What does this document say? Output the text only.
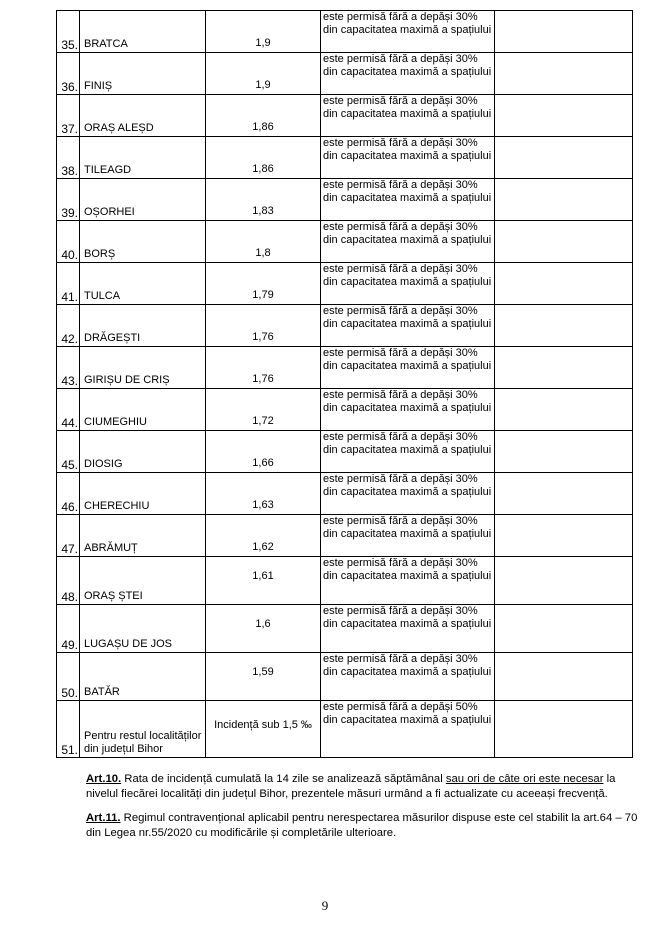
35.	BRATCA	1,9	este permisă fără a depăși 30% din capacitatea maximă a spațiului	
36.	FINIȘ	1,9	este permisă fără a depăși 30% din capacitatea maximă a spațiului	
37.	ORAȘ ALEȘD	1,86	este permisă fără a depăși 30% din capacitatea maximă a spațiului	
38.	TILEAGD	1,86	este permisă fără a depăși 30% din capacitatea maximă a spațiului	
39.	OȘORHEI	1,83	este permisă fără a depăși 30% din capacitatea maximă a spațiului	
40.	BORȘ	1,8	este permisă fără a depăși 30% din capacitatea maximă a spațiului	
41.	TULCA	1,79	este permisă fără a depăși 30% din capacitatea maximă a spațiului	
42.	DRĂGEȘTI	1,76	este permisă fără a depăși 30% din capacitatea maximă a spațiului	
43.	GIRIȘU DE CRIȘ	1,76	este permisă fără a depăși 30% din capacitatea maximă a spațiului	
44.	CIUMEGHIU	1,72	este permisă fără a depăși 30% din capacitatea maximă a spațiului	
45.	DIOSIG	1,66	este permisă fără a depăși 30% din capacitatea maximă a spațiului	
46.	CHERECHIU	1,63	este permisă fără a depăși 30% din capacitatea maximă a spațiului	
47.	ABRĂMUȚ	1,62	este permisă fără a depăși 30% din capacitatea maximă a spațiului	
48.	ORAȘ ȘTEI	1,61	este permisă fără a depăși 30% din capacitatea maximă a spațiului	
49.	LUGAȘU DE JOS	1,6	este permisă fără a depăși 30% din capacitatea maximă a spațiului	
50.	BATĂR	1,59	este permisă fără a depăși 30% din capacitatea maximă a spațiului	
51.	Pentru restul localităților din județul Bihor	Incidență sub 1,5 ‰	este permisă fără a depăși 50% din capacitatea maximă a spațiului	

Art.10. Rata de incidență cumulată la 14 zile se analizează săptămânal sau ori de câte ori este necesar la nivelul fiecărei localități din județul Bihor, prezentele măsuri urmând a fi actualizate cu aceeași frecvență.

Art.11. Regimul contravențional aplicabil pentru nerespectarea măsurilor dispuse este cel stabilit la art.64 – 70 din Legea nr.55/2020 cu modificările și completările ulterioare.

9
